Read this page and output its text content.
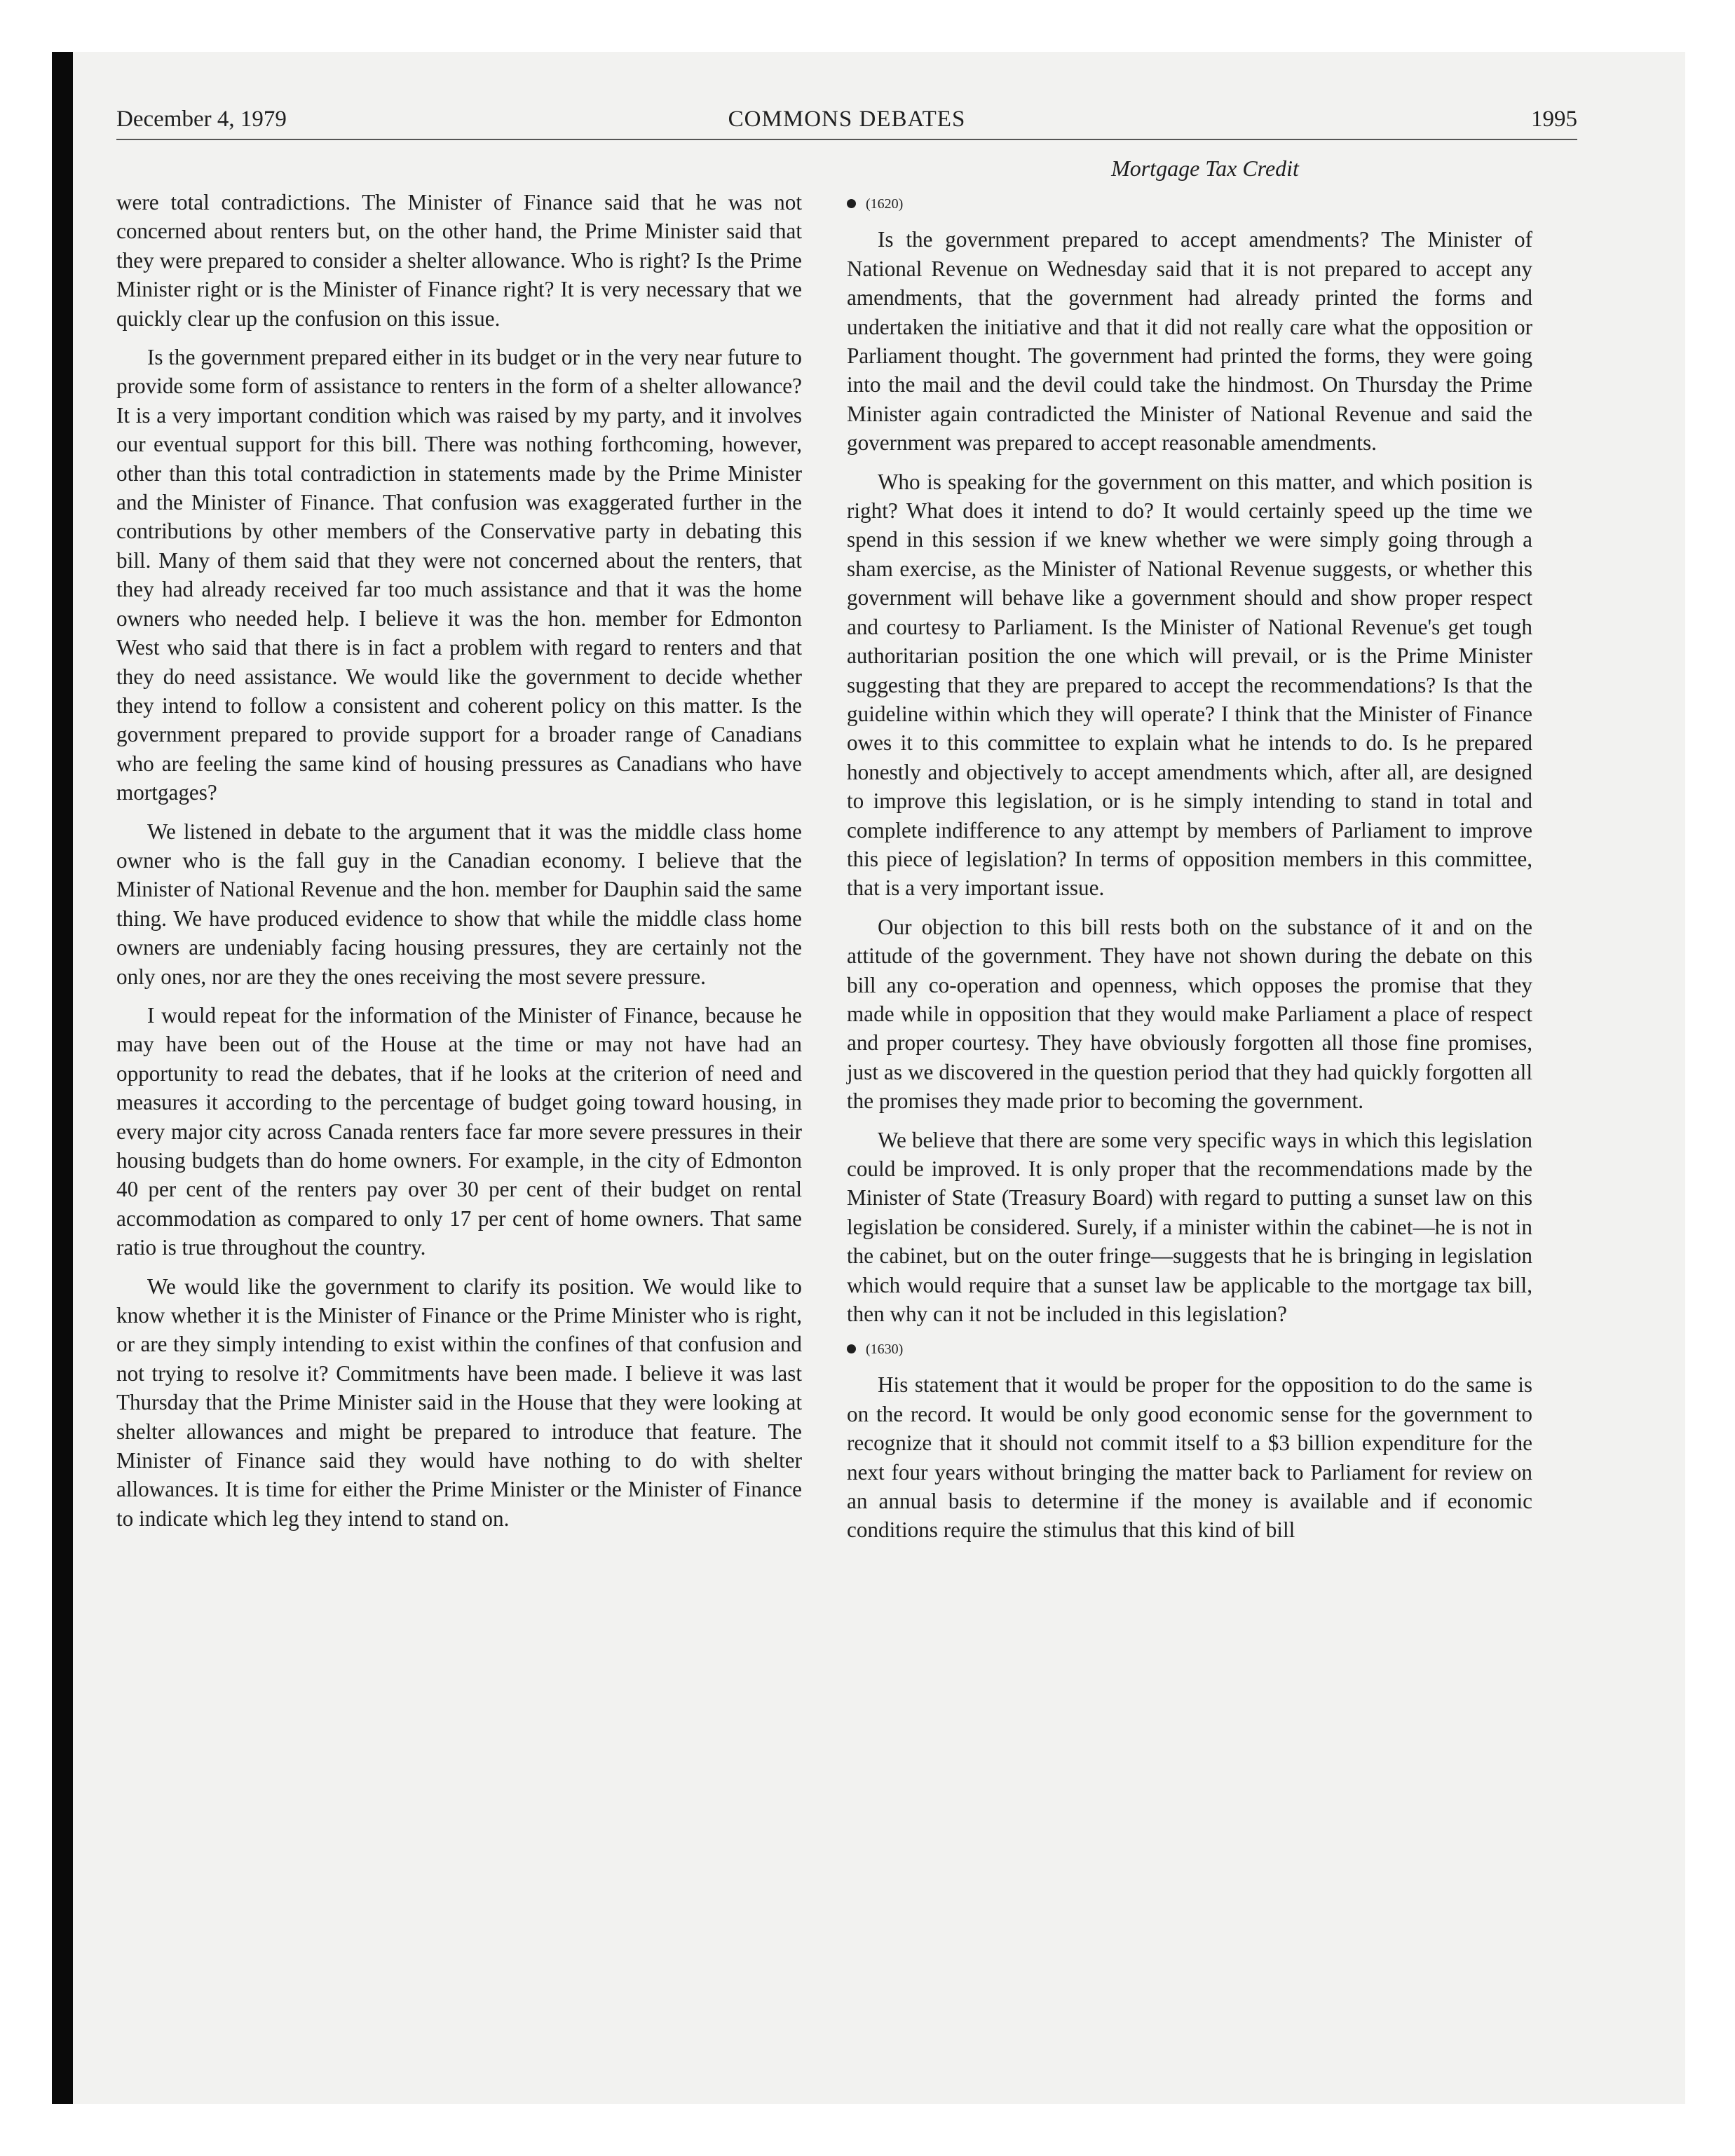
December 4, 1979	COMMONS DEBATES	1995

were total contradictions. The Minister of Finance said that he was not concerned about renters but, on the other hand, the Prime Minister said that they were prepared to consider a shelter allowance. Who is right? Is the Prime Minister right or is the Minister of Finance right? It is very necessary that we quickly clear up the confusion on this issue.

Is the government prepared either in its budget or in the very near future to provide some form of assistance to renters in the form of a shelter allowance? It is a very important condition which was raised by my party, and it involves our eventual support for this bill. There was nothing forthcoming, however, other than this total contradiction in statements made by the Prime Minister and the Minister of Finance. That confusion was exaggerated further in the contributions by other members of the Conservative party in debating this bill. Many of them said that they were not concerned about the renters, that they had already received far too much assistance and that it was the home owners who needed help. I believe it was the hon. member for Edmonton West who said that there is in fact a problem with regard to renters and that they do need assistance. We would like the government to decide whether they intend to follow a consistent and coherent policy on this matter. Is the government prepared to provide support for a broader range of Canadians who are feeling the same kind of housing pressures as Canadians who have mortgages?

We listened in debate to the argument that it was the middle class home owner who is the fall guy in the Canadian economy. I believe that the Minister of National Revenue and the hon. member for Dauphin said the same thing. We have produced evidence to show that while the middle class home owners are undeniably facing housing pressures, they are certainly not the only ones, nor are they the ones receiving the most severe pressure.

I would repeat for the information of the Minister of Finance, because he may have been out of the House at the time or may not have had an opportunity to read the debates, that if he looks at the criterion of need and measures it according to the percentage of budget going toward housing, in every major city across Canada renters face far more severe pressures in their housing budgets than do home owners. For example, in the city of Edmonton 40 per cent of the renters pay over 30 per cent of their budget on rental accommodation as compared to only 17 per cent of home owners. That same ratio is true throughout the country.

We would like the government to clarify its position. We would like to know whether it is the Minister of Finance or the Prime Minister who is right, or are they simply intending to exist within the confines of that confusion and not trying to resolve it? Commitments have been made. I believe it was last Thursday that the Prime Minister said in the House that they were looking at shelter allowances and might be prepared to introduce that feature. The Minister of Finance said they would have nothing to do with shelter allowances. It is time for either the Prime Minister or the Minister of Finance to indicate which leg they intend to stand on.

Mortgage Tax Credit

(1620)

Is the government prepared to accept amendments? The Minister of National Revenue on Wednesday said that it is not prepared to accept any amendments, that the government had already printed the forms and undertaken the initiative and that it did not really care what the opposition or Parliament thought. The government had printed the forms, they were going into the mail and the devil could take the hindmost. On Thursday the Prime Minister again contradicted the Minister of National Revenue and said the government was prepared to accept reasonable amendments.

Who is speaking for the government on this matter, and which position is right? What does it intend to do? It would certainly speed up the time we spend in this session if we knew whether we were simply going through a sham exercise, as the Minister of National Revenue suggests, or whether this government will behave like a government should and show proper respect and courtesy to Parliament. Is the Minister of National Revenue's get tough authoritarian position the one which will prevail, or is the Prime Minister suggesting that they are prepared to accept the recommendations? Is that the guideline within which they will operate? I think that the Minister of Finance owes it to this committee to explain what he intends to do. Is he prepared honestly and objectively to accept amendments which, after all, are designed to improve this legislation, or is he simply intending to stand in total and complete indifference to any attempt by members of Parliament to improve this piece of legislation? In terms of opposition members in this committee, that is a very important issue.

Our objection to this bill rests both on the substance of it and on the attitude of the government. They have not shown during the debate on this bill any co-operation and openness, which opposes the promise that they made while in opposition that they would make Parliament a place of respect and proper courtesy. They have obviously forgotten all those fine promises, just as we discovered in the question period that they had quickly forgotten all the promises they made prior to becoming the government.

We believe that there are some very specific ways in which this legislation could be improved. It is only proper that the recommendations made by the Minister of State (Treasury Board) with regard to putting a sunset law on this legislation be considered. Surely, if a minister within the cabinet—he is not in the cabinet, but on the outer fringe—suggests that he is bringing in legislation which would require that a sunset law be applicable to the mortgage tax bill, then why can it not be included in this legislation?

(1630)

His statement that it would be proper for the opposition to do the same is on the record. It would be only good economic sense for the government to recognize that it should not commit itself to a $3 billion expenditure for the next four years without bringing the matter back to Parliament for review on an annual basis to determine if the money is available and if economic conditions require the stimulus that this kind of bill
